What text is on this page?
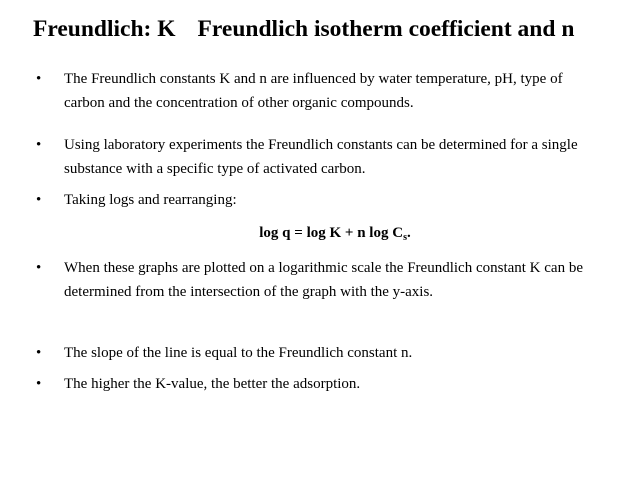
Freundlich: K Freundlich isotherm coefficient and n
•	The Freundlich constants K and n are influenced by water temperature, pH, type of carbon and the concentration of other organic compounds.
•	Using laboratory experiments the Freundlich constants can be determined for a single substance with a specific type of activated carbon.
•	Taking logs and rearranging:
log q = log K + n $\log C_s$.
•	When these graphs are plotted on a logarithmic scale the Freundlich constant K can be determined from the intersection of the graph with the y-axis.
•	The slope of the line is equal to the Freundlich constant n.
•	The higher the K-value, the better the adsorption.
